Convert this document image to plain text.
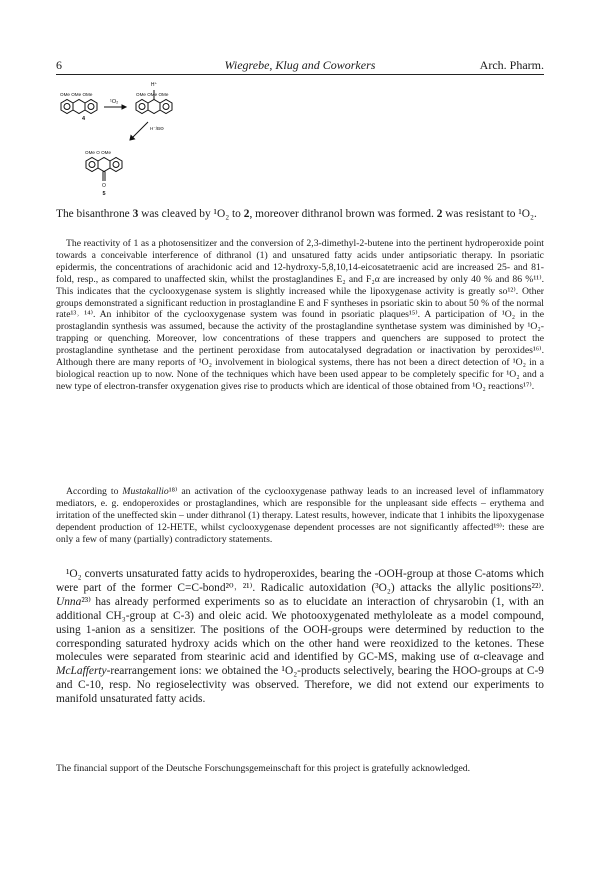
6	Wiegrebe, Klug and Coworkers	Arch. Pharm.
H⁺
OMe OMe OMe	OMe OMe OMe
¹O₂
H⁻/BΘ
4
OMe O OMe
O
5

The bisanthrone 3 was cleaved by ¹O₂ to 2, moreover dithranol brown was formed. 2 was resistant to ¹O₂.

The reactivity of 1 as a photosensitizer and the conversion of 2,3-dimethyl-2-butene into the pertinent hydroperoxide point towards a conceivable interference of dithranol (1) and unsatured fatty acids under antipsoriatic therapy. In psoriatic epidermis, the concentrations of arachidonic acid and 12-hydroxy-5,8,10,14-eicosatetraenic acid are increased 25- and 81-fold, resp., as compared to unaffected skin, whilst the prostaglandines E₂ and F₂α are increased by only 40 % and 86 %¹¹⁾. This indicates that the cyclooxygenase system is slightly increased while the lipoxygenase activity is greatly so¹²⁾. Other groups demonstrated a significant reduction in prostaglandine E and F syntheses in psoriatic skin to about 50 % of the normal rate¹³˒ ¹⁴⁾. An inhibitor of the cyclooxygenase system was found in psoriatic plaques¹⁵⁾. A participation of ¹O₂ in the prostaglandin synthesis was assumed, because the activity of the prostaglandine synthetase system was diminished by ¹O₂-trapping or quenching. Moreover, low concentrations of these trappers and quenchers are supposed to protect the prostaglandine synthetase and the pertinent peroxidase from autocatalysed degradation or inactivation by peroxides¹⁶⁾. Although there are many reports of ¹O₂ involvement in biological systems, there has not been a direct detection of ¹O₂ in a biological reaction up to now. None of the techniques which have been used appear to be completely specific for ¹O₂ and a new type of electron-transfer oxygenation gives rise to products which are identical of those obtained from ¹O₂ reactions¹⁷⁾.

According to Mustakallio¹⁸⁾ an activation of the cyclooxygenase pathway leads to an increased level of inflammatory mediators, e. g. endoperoxides or prostaglandines, which are responsible for the unpleasant side effects – erythema and irritation of the uneffected skin – under dithranol (1) therapy. Latest results, however, indicate that 1 inhibits the lipoxygenase dependent production of 12-HETE, whilst cyclooxygenase dependent processes are not significantly affected¹⁹⁾: these are only a few of many (partially) contradictory statements.

¹O₂ converts unsaturated fatty acids to hydroperoxides, bearing the -OOH-group at those C-atoms which were part of the former C=C-bond²⁰˒ ²¹⁾. Radicalic autoxidation (³O₂) attacks the allylic positions²²⁾. Unna²³⁾ has already performed experiments so as to elucidate an interaction of chrysarobin (1, with an additional CH₃-group at C-3) and oleic acid. We photooxygenated methyloleate as a model compound, using 1-anion as a sensitizer. The positions of the OOH-groups were determined by reduction to the corresponding saturated hydroxy acids which on the other hand were reoxidized to the ketones. These molecules were separated from stearinic acid and identified by GC-MS, making use of α-cleavage and McLafferty-rearrangement ions: we obtained the ¹O₂-products selectively, bearing the HOO-groups at C-9 and C-10, resp. No regioselectivity was observed. Therefore, we did not extend our experiments to manifold unsaturated fatty acids.

The financial support of the Deutsche Forschungsgemeinschaft for this project is gratefully acknowledged.
